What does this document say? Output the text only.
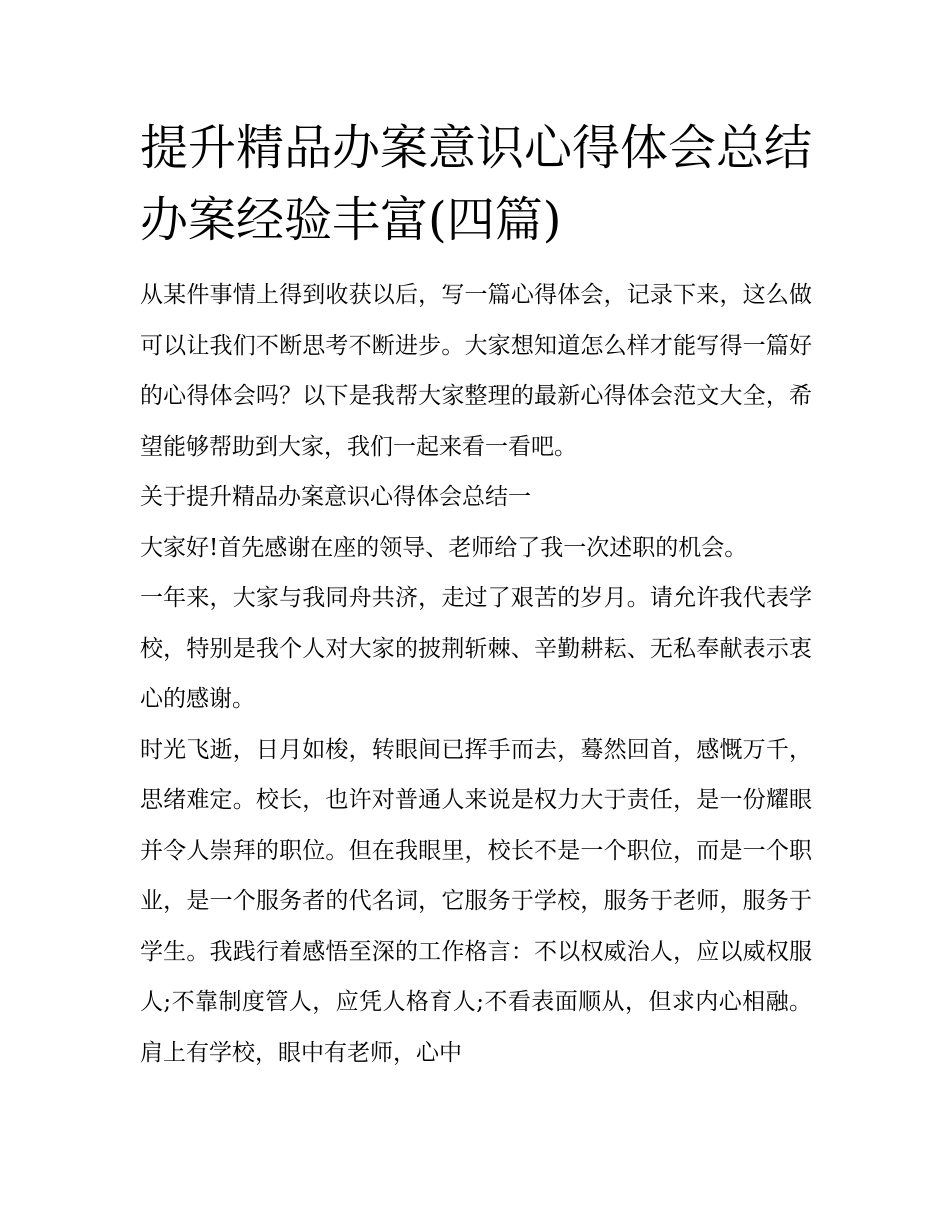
提升精品办案意识心得体会总结 办案经验丰富(四篇)

从某件事情上得到收获以后，写一篇心得体会，记录下来，这么做可以让我们不断思考不断进步。大家想知道怎么样才能写得一篇好的心得体会吗？以下是我帮大家整理的最新心得体会范文大全，希望能够帮助到大家，我们一起来看一看吧。

关于提升精品办案意识心得体会总结一

大家好!首先感谢在座的领导、老师给了我一次述职的机会。

一年来，大家与我同舟共济，走过了艰苦的岁月。请允许我代表学校，特别是我个人对大家的披荆斩棘、辛勤耕耘、无私奉献表示衷心的感谢。

时光飞逝，日月如梭，转眼间已挥手而去，蓦然回首，感慨万千，思绪难定。校长，也许对普通人来说是权力大于责任，是一份耀眼并令人崇拜的职位。但在我眼里，校长不是一个职位，而是一个职业，是一个服务者的代名词，它服务于学校，服务于老师，服务于学生。我践行着感悟至深的工作格言：不以权威治人，应以威权服人;不靠制度管人，应凭人格育人;不看表面顺从，但求内心相融。肩上有学校，眼中有老师，心中
